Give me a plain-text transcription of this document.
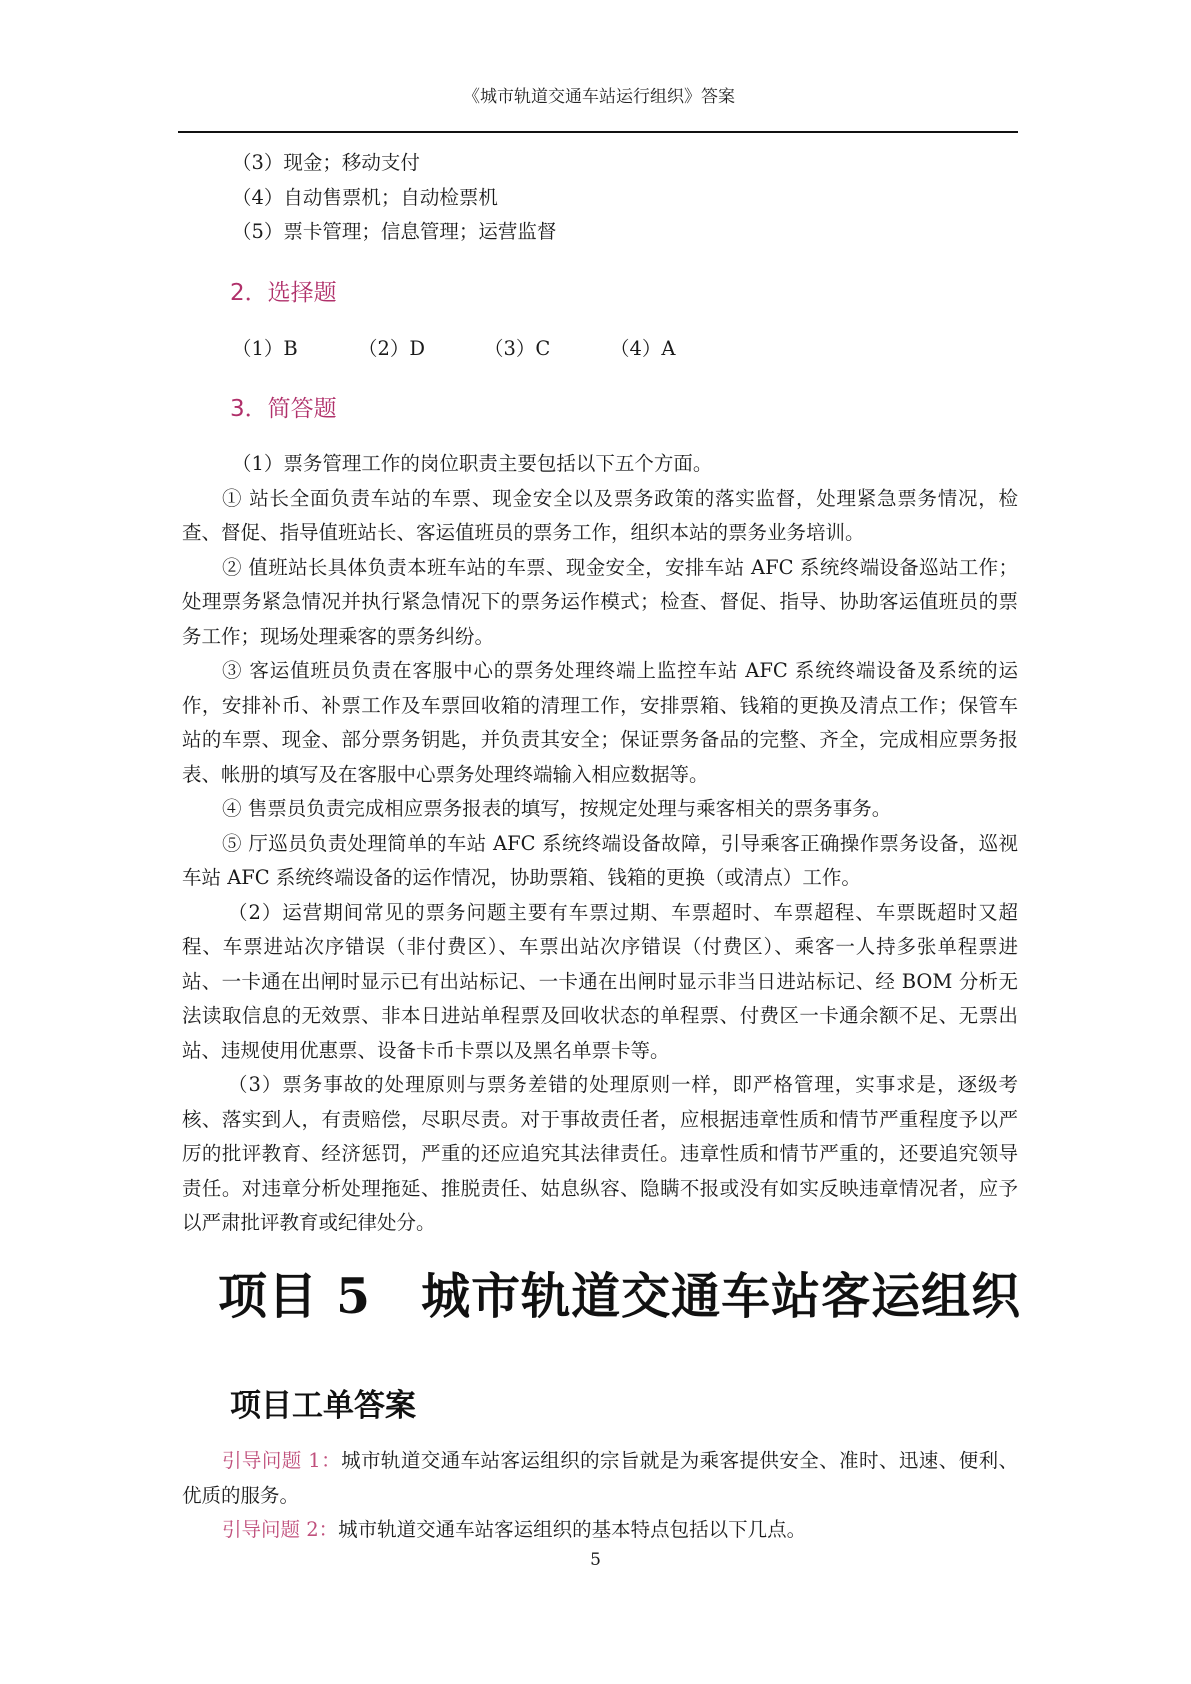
《城市轨道交通车站运行组织》答案
（3）现金；移动支付
（4）自动售票机；自动检票机
（5）票卡管理；信息管理；运营监督
2．选择题
（1）B	（2）D	（3）C	（4）A
3．简答题
（1）票务管理工作的岗位职责主要包括以下五个方面。
① 站长全面负责车站的车票、现金安全以及票务政策的落实监督，处理紧急票务情况，检查、督促、指导值班站长、客运值班员的票务工作，组织本站的票务业务培训。
② 值班站长具体负责本班车站的车票、现金安全，安排车站 AFC 系统终端设备巡站工作；处理票务紧急情况并执行紧急情况下的票务运作模式；检查、督促、指导、协助客运值班员的票务工作；现场处理乘客的票务纠纷。
③ 客运值班员负责在客服中心的票务处理终端上监控车站 AFC 系统终端设备及系统的运作，安排补币、补票工作及车票回收箱的清理工作，安排票箱、钱箱的更换及清点工作；保管车站的车票、现金、部分票务钥匙，并负责其安全；保证票务备品的完整、齐全，完成相应票务报表、帐册的填写及在客服中心票务处理终端输入相应数据等。
④ 售票员负责完成相应票务报表的填写，按规定处理与乘客相关的票务事务。
⑤ 厅巡员负责处理简单的车站 AFC 系统终端设备故障，引导乘客正确操作票务设备，巡视车站 AFC 系统终端设备的运作情况，协助票箱、钱箱的更换（或清点）工作。
（2）运营期间常见的票务问题主要有车票过期、车票超时、车票超程、车票既超时又超程、车票进站次序错误（非付费区）、车票出站次序错误（付费区）、乘客一人持多张单程票进站、一卡通在出闸时显示已有出站标记、一卡通在出闸时显示非当日进站标记、经 BOM 分析无法读取信息的无效票、非本日进站单程票及回收状态的单程票、付费区一卡通余额不足、无票出站、违规使用优惠票、设备卡币卡票以及黑名单票卡等。
（3）票务事故的处理原则与票务差错的处理原则一样，即严格管理，实事求是，逐级考核、落实到人，有责赔偿，尽职尽责。对于事故责任者，应根据违章性质和情节严重程度予以严厉的批评教育、经济惩罚，严重的还应追究其法律责任。违章性质和情节严重的，还要追究领导责任。对违章分析处理拖延、推脱责任、姑息纵容、隐瞒不报或没有如实反映违章情况者，应予以严肃批评教育或纪律处分。
项目 5　城市轨道交通车站客运组织
项目工单答案
引导问题 1：城市轨道交通车站客运组织的宗旨就是为乘客提供安全、准时、迅速、便利、优质的服务。
引导问题 2：城市轨道交通车站客运组织的基本特点包括以下几点。
5
